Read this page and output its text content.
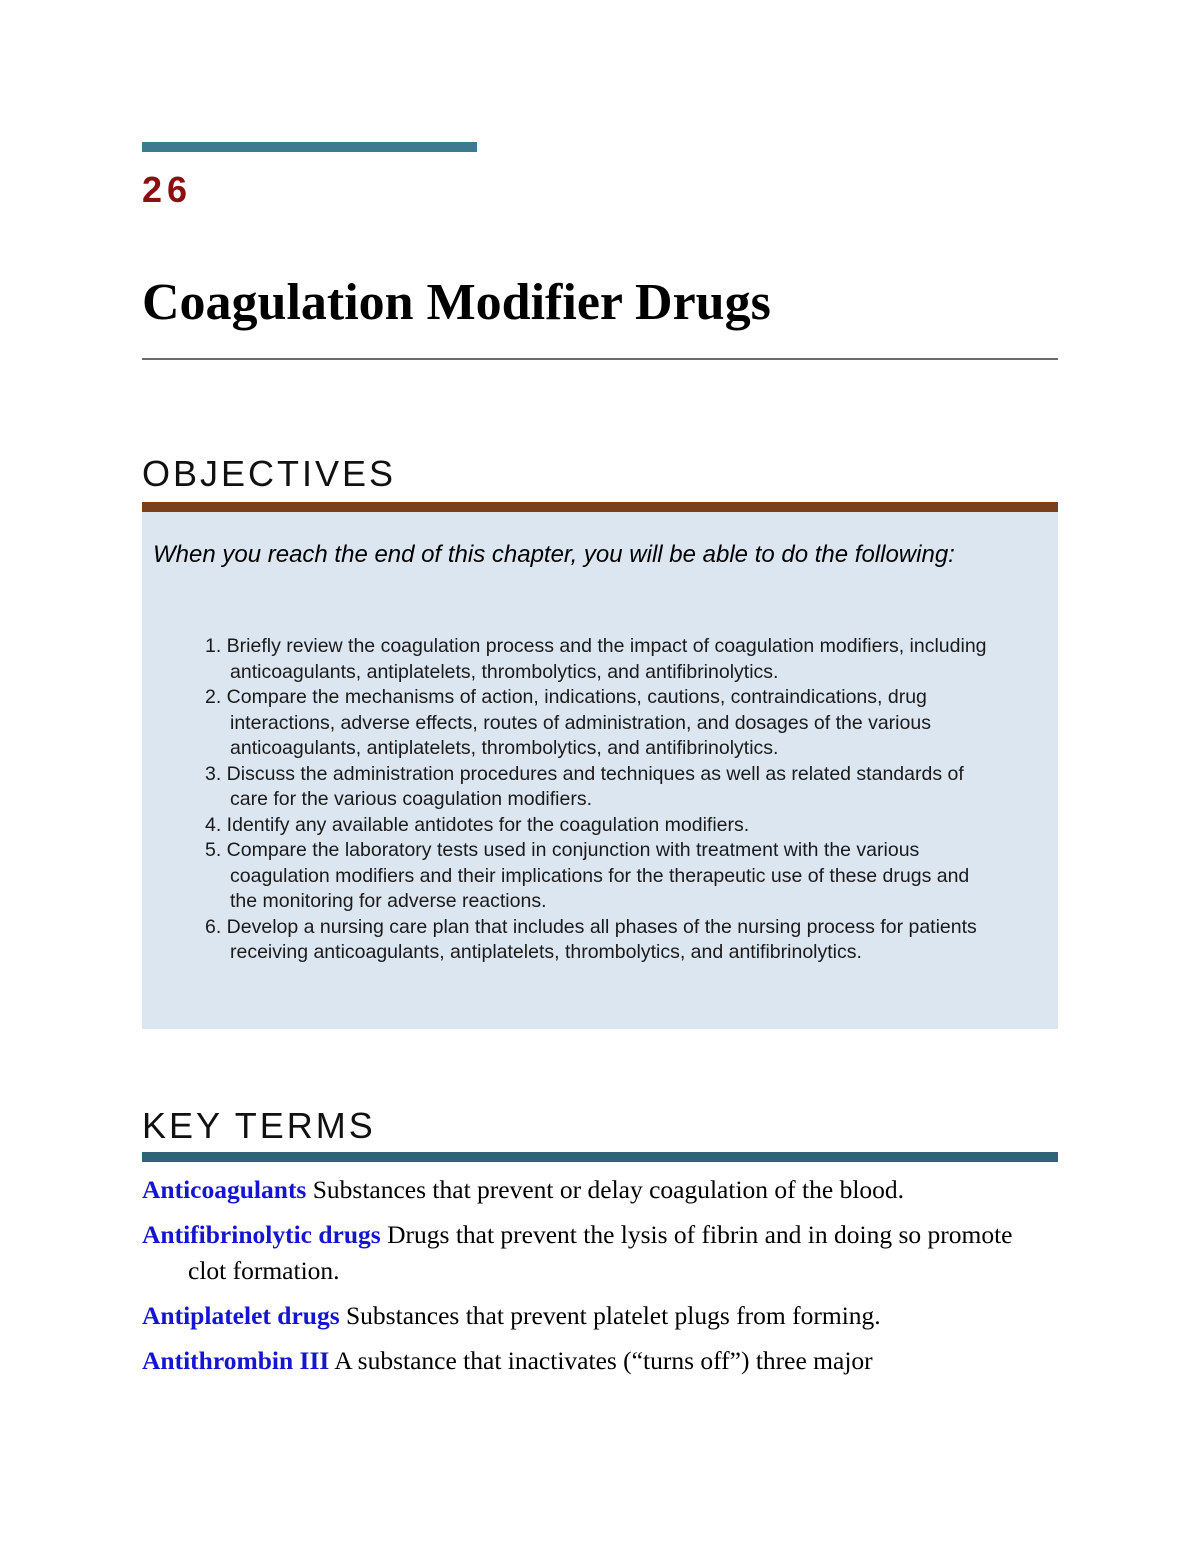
26
Coagulation Modifier Drugs
OBJECTIVES
When you reach the end of this chapter, you will be able to do the following:
1. Briefly review the coagulation process and the impact of coagulation modifiers, including anticoagulants, antiplatelets, thrombolytics, and antifibrinolytics.
2. Compare the mechanisms of action, indications, cautions, contraindications, drug interactions, adverse effects, routes of administration, and dosages of the various anticoagulants, antiplatelets, thrombolytics, and antifibrinolytics.
3. Discuss the administration procedures and techniques as well as related standards of care for the various coagulation modifiers.
4. Identify any available antidotes for the coagulation modifiers.
5. Compare the laboratory tests used in conjunction with treatment with the various coagulation modifiers and their implications for the therapeutic use of these drugs and the monitoring for adverse reactions.
6. Develop a nursing care plan that includes all phases of the nursing process for patients receiving anticoagulants, antiplatelets, thrombolytics, and antifibrinolytics.
KEY TERMS
Anticoagulants Substances that prevent or delay coagulation of the blood.
Antifibrinolytic drugs Drugs that prevent the lysis of fibrin and in doing so promote clot formation.
Antiplatelet drugs Substances that prevent platelet plugs from forming.
Antithrombin III A substance that inactivates (“turns off”) three major
